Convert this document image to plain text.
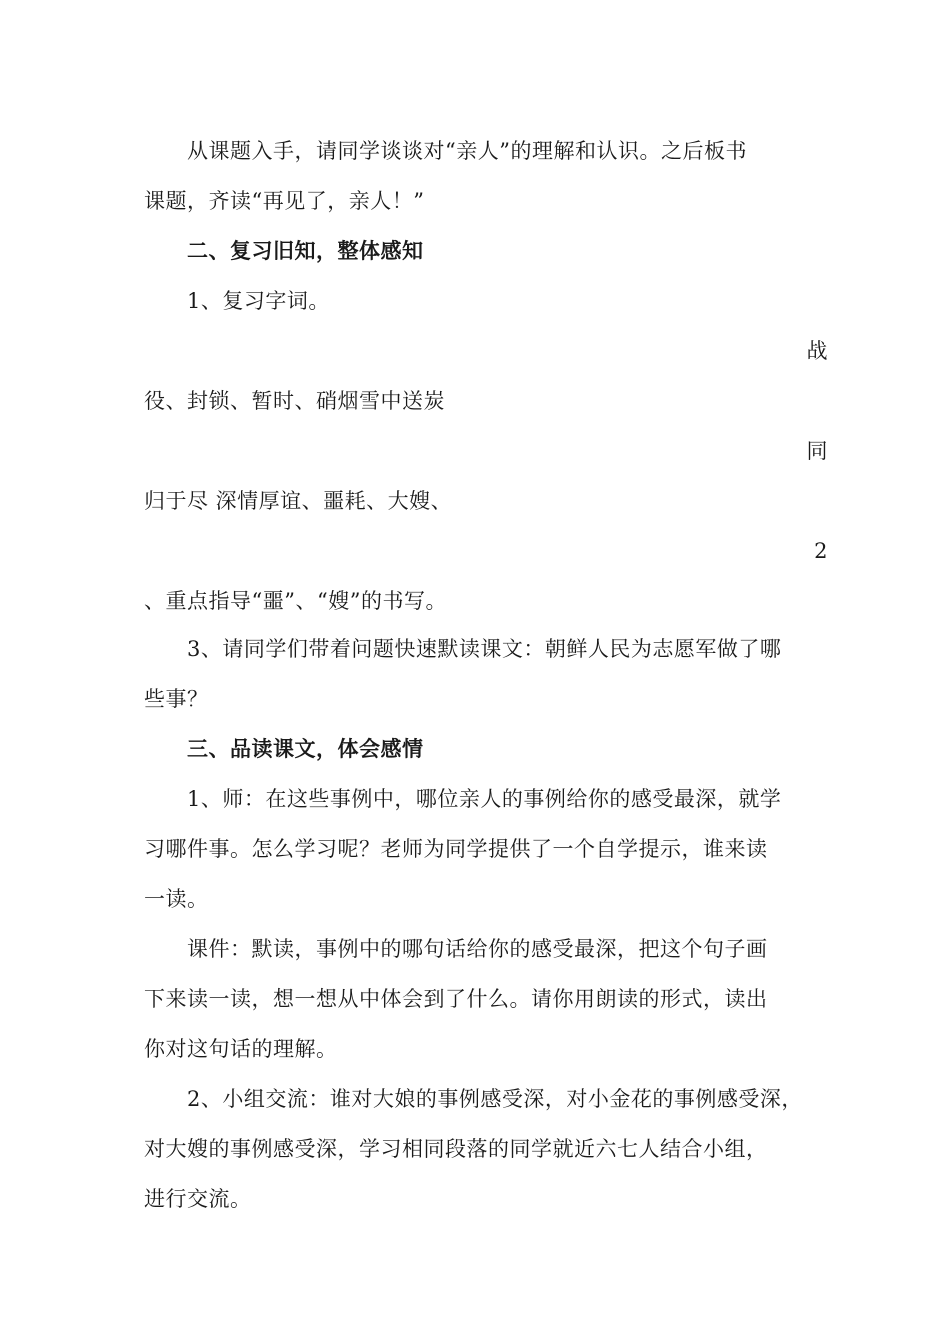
从课题入手，请同学谈谈对“亲人”的理解和认识。之后板书
课题，齐读“再见了，亲人！”
二、复习旧知，整体感知
1、复习字词。
战
役、封锁、暂时、硝烟雪中送炭
同
归于尽 深情厚谊、噩耗、大嫂、
2
、重点指导“噩”、“嫂”的书写。
3、请同学们带着问题快速默读课文：朝鲜人民为志愿军做了哪
些事？
三、品读课文，体会感情
1、师：在这些事例中，哪位亲人的事例给你的感受最深，就学
习哪件事。怎么学习呢？老师为同学提供了一个自学提示，谁来读
一读。
课件：默读，事例中的哪句话给你的感受最深，把这个句子画
下来读一读，想一想从中体会到了什么。请你用朗读的形式，读出
你对这句话的理解。
2、小组交流：谁对大娘的事例感受深，对小金花的事例感受深，
对大嫂的事例感受深，学习相同段落的同学就近六七人结合小组，
进行交流。
